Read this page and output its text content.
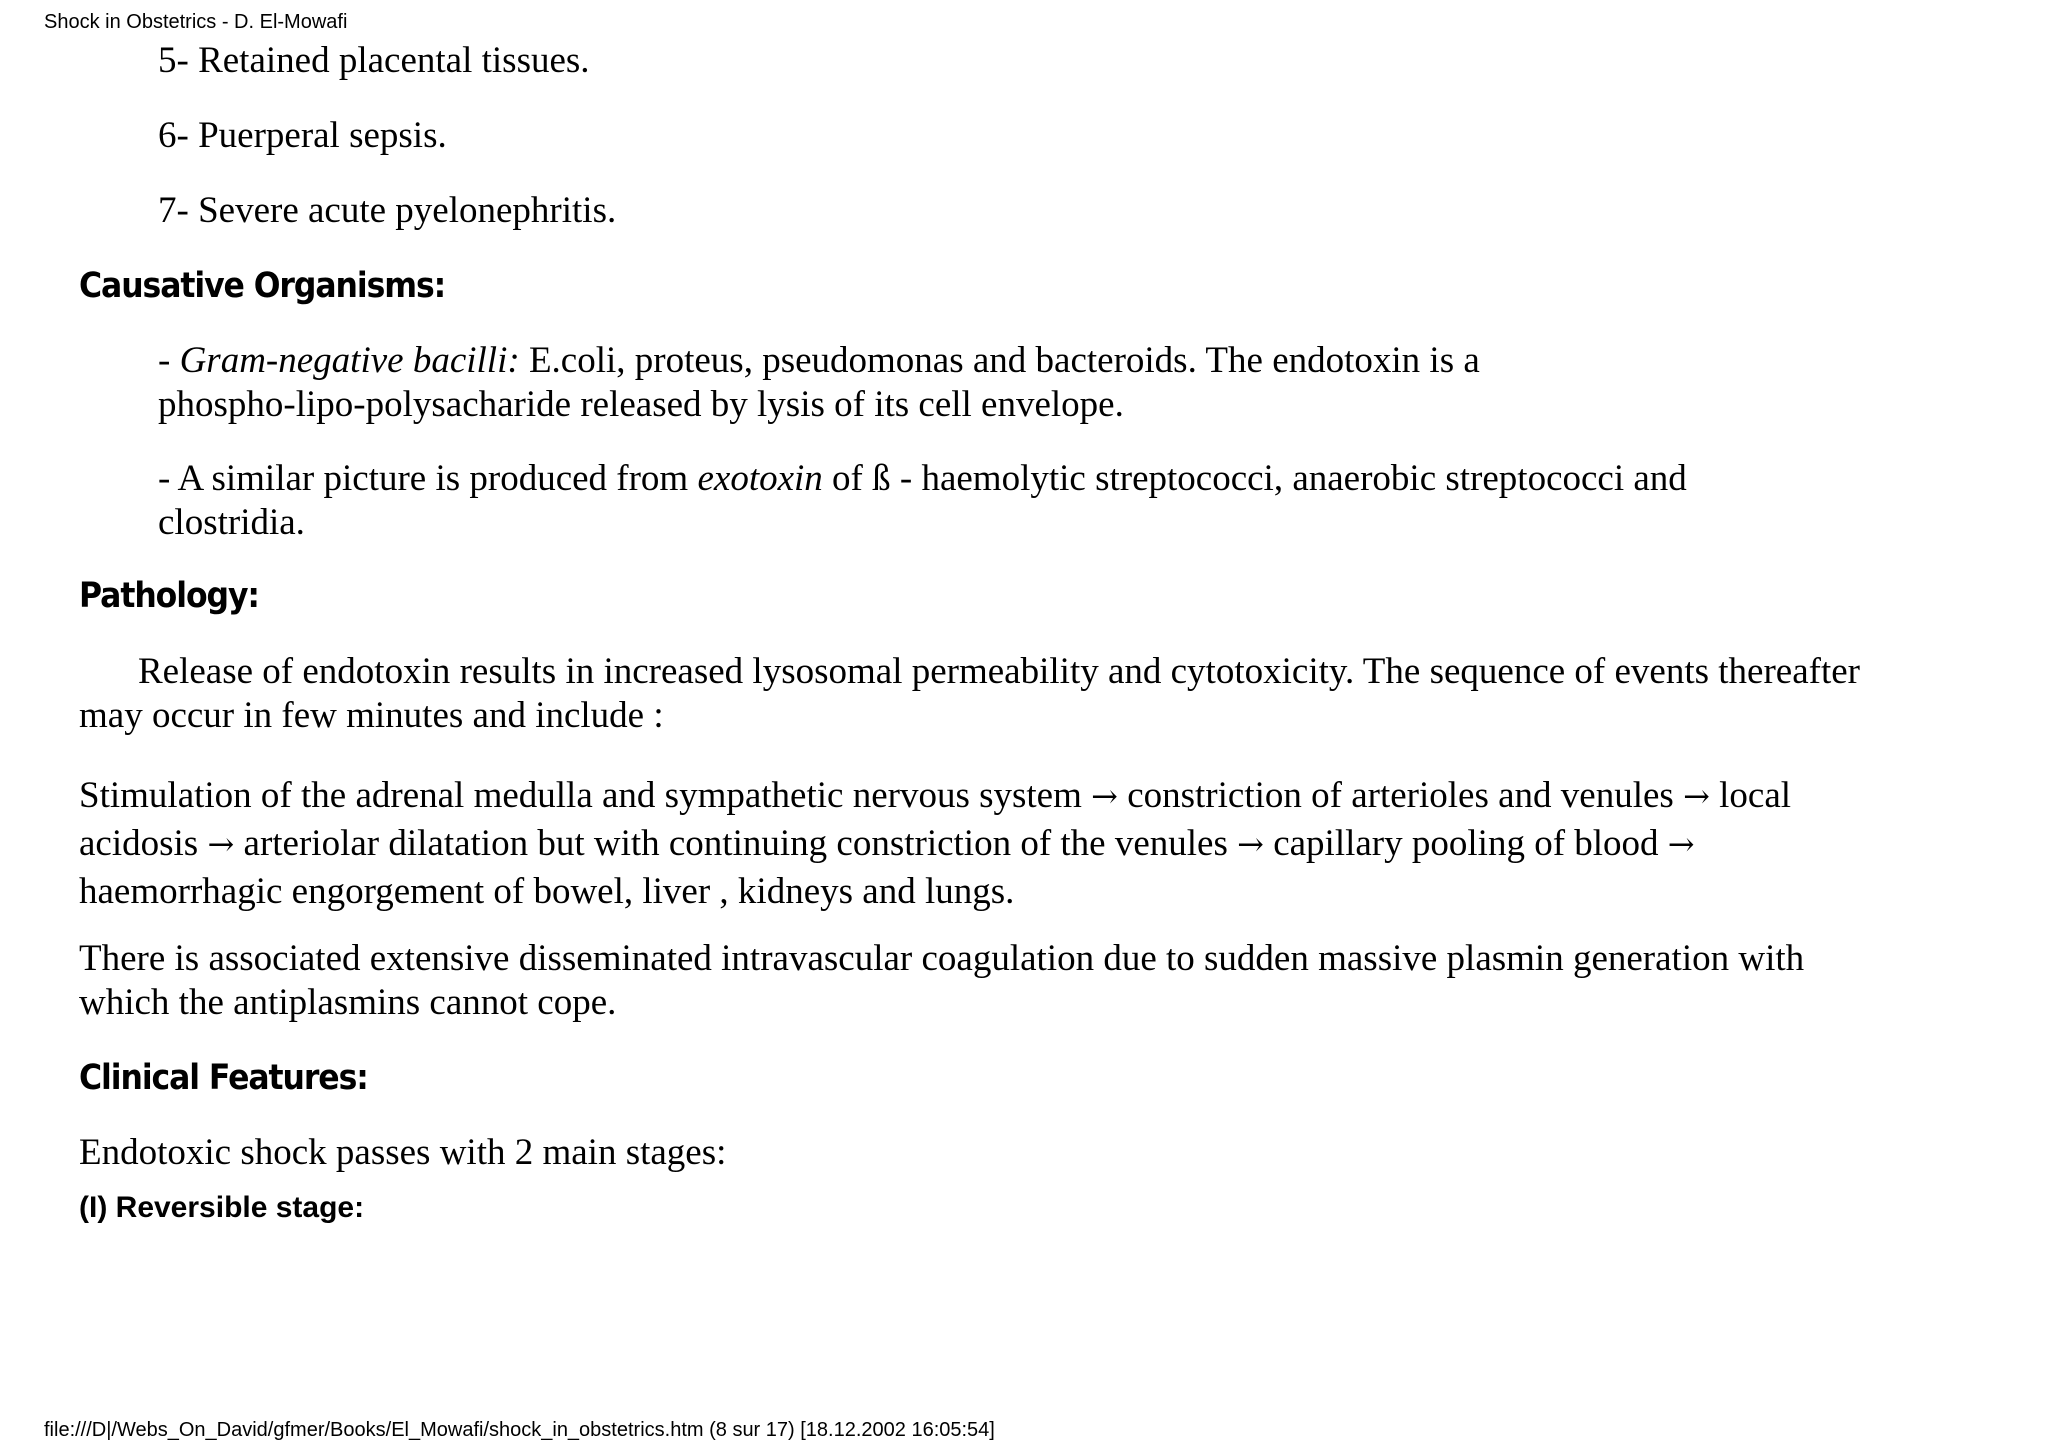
Shock in Obstetrics - D. El-Mowafi

5- Retained placental tissues.

6- Puerperal sepsis.

7- Severe acute pyelonephritis.

Causative Organisms:

- Gram-negative bacilli: E.coli, proteus, pseudomonas and bacteroids. The endotoxin is a
phospho-lipo-polysacharide released by lysis of its cell envelope.

- A similar picture is produced from exotoxin of ß - haemolytic streptococci, anaerobic streptococci and
clostridia.

Pathology:

Release of endotoxin results in increased lysosomal permeability and cytotoxicity. The sequence of events thereafter
may occur in few minutes and include :

Stimulation of the adrenal medulla and sympathetic nervous system → constriction of arterioles and venules → local
acidosis → arteriolar dilatation but with continuing constriction of the venules → capillary pooling of blood →
haemorrhagic engorgement of bowel, liver , kidneys and lungs.

There is associated extensive disseminated intravascular coagulation due to sudden massive plasmin generation with
which the antiplasmins cannot cope.

Clinical Features:

Endotoxic shock passes with 2 main stages:

(I) Reversible stage:
file:///D|/Webs_On_David/gfmer/Books/El_Mowafi/shock_in_obstetrics.htm (8 sur 17) [18.12.2002 16:05:54]
